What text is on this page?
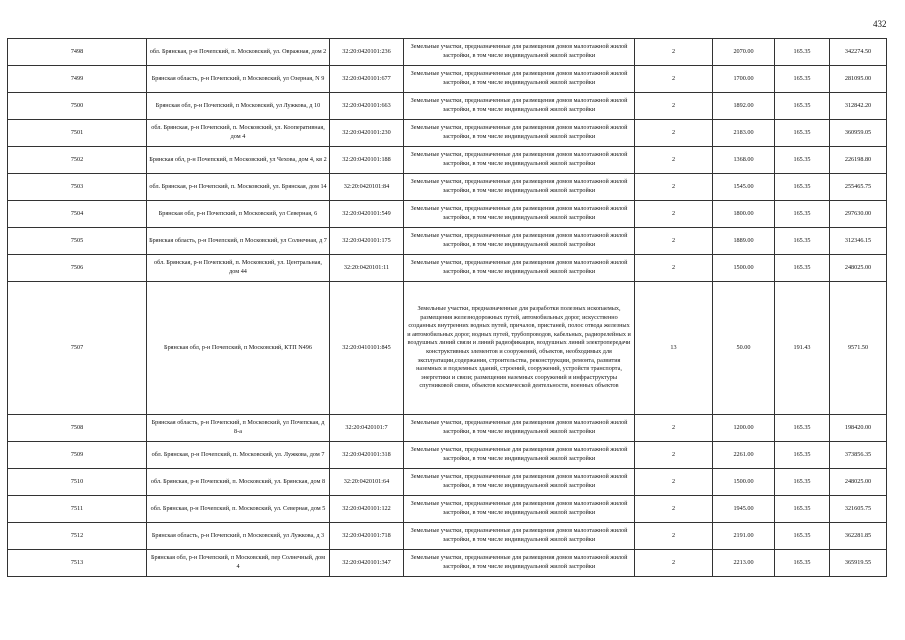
432
7498	обл. Брянская, р-н Почепский, п. Московский, ул. Овражная, дом 2	32:20:0420101:236	Земельные участки, предназначенные для размещения домов малоэтажной жилой застройки, в том числе индивидуальной жилой застройки	2	2070.00	165.35	342274.50
7499	Брянская область, р-н Почепский, п Московский, ул Озерная, N 9	32:20:0420101:677	Земельные участки, предназначенные для размещения домов малоэтажной жилой застройки, в том числе индивидуальной жилой застройки	2	1700.00	165.35	281095.00
7500	Брянская обл, р-н Почепский, п Московский, ул Лужкова, д 10	32:20:0420101:663	Земельные участки, предназначенные для размещения домов малоэтажной жилой застройки, в том числе индивидуальной жилой застройки	2	1892.00	165.35	312842.20
7501	обл. Брянская, р-н Почепский, п. Московский, ул. Кооперативная, дом 4	32:20:0420101:230	Земельные участки, предназначенные для размещения домов малоэтажной жилой застройки, в том числе индивидуальной жилой застройки	2	2183.00	165.35	360959.05
7502	Брянская обл, р-н Почепский, п Московский, ул Чехова, дом 4, кв 2	32:20:0420101:188	Земельные участки, предназначенные для размещения домов малоэтажной жилой застройки, в том числе индивидуальной жилой застройки	2	1368.00	165.35	226198.80
7503	обл. Брянская, р-н Почепский, п. Московский, ул. Брянская, дом 14	32:20:0420101:84	Земельные участки, предназначенные для размещения домов малоэтажной жилой застройки, в том числе индивидуальной жилой застройки	2	1545.00	165.35	255465.75
7504	Брянская обл, р-н Почепский, п Московский, ул Северная, 6	32:20:0420101:549	Земельные участки, предназначенные для размещения домов малоэтажной жилой застройки, в том числе индивидуальной жилой застройки	2	1800.00	165.35	297630.00
7505	Брянская область, р-н Почепский, п Московский, ул Солнечная, д 7	32:20:0420101:175	Земельные участки, предназначенные для размещения домов малоэтажной жилой застройки, в том числе индивидуальной жилой застройки	2	1889.00	165.35	312346.15
7506	обл. Брянская, р-н Почепский, п. Московский, ул. Центральная, дом 44	32:20:0420101:11	Земельные участки, предназначенные для размещения домов малоэтажной жилой застройки, в том числе индивидуальной жилой застройки	2	1500.00	165.35	248025.00
7507	Брянская обл, р-н Почепский, п Московский, КТП N496	32:20:0410101:845	Земельные участки, предназначенные для разработки полезных ископаемых, размещения железнодорожных путей, автомобильных дорог, искусственно созданных внутренних водных путей, причалов, пристаней, полос отвода железных и автомобильных дорог, водных путей, трубопроводов, кабельных, радиорелейных и воздушных линий связи и линий радиофикации, воздушных линий электропередачи конструктивных элементов и сооружений, объектов, необходимых для эксплуатации,содержания, строительства, реконструкции, ремонта, развития наземных и подземных зданий, строений, сооружений, устройств транспорта, энергетики и связи; размещения наземных сооружений и инфраструктуры спутниковой связи, объектов космической деятельности, военных объектов	13	50.00	191.43	9571.50
7508	Брянская область, р-н Почепский, п Московский, ул Почепская, д 8-а	32:20:0420101:7	Земельные участки, предназначенные для размещения домов малоэтажной жилой застройки, в том числе индивидуальной жилой застройки	2	1200.00	165.35	198420.00
7509	обл. Брянская, р-н Почепский, п. Московский, ул. Лужкова, дом 7	32:20:0420101:318	Земельные участки, предназначенные для размещения домов малоэтажной жилой застройки, в том числе индивидуальной жилой застройки	2	2261.00	165.35	373856.35
7510	обл. Брянская, р-н Почепский, п. Московский, ул. Брянская, дом 8	32:20:0420101:64	Земельные участки, предназначенные для размещения домов малоэтажной жилой застройки, в том числе индивидуальной жилой застройки	2	1500.00	165.35	248025.00
7511	обл. Брянская, р-н Почепский, п. Московский, ул. Северная, дом 5	32:20:0420101:122	Земельные участки, предназначенные для размещения домов малоэтажной жилой застройки, в том числе индивидуальной жилой застройки	2	1945.00	165.35	321605.75
7512	Брянская область, р-н Почепский, п Московский, ул Лужкова, д 3	32:20:0420101:718	Земельные участки, предназначенные для размещения домов малоэтажной жилой застройки, в том числе индивидуальной жилой застройки	2	2191.00	165.35	362281.85
7513	Брянская обл, р-н Почепский, п Московский, пер Солнечный, дом 4	32:20:0420101:347	Земельные участки, предназначенные для размещения домов малоэтажной жилой застройки, в том числе индивидуальной жилой застройки	2	2213.00	165.35	365919.55
